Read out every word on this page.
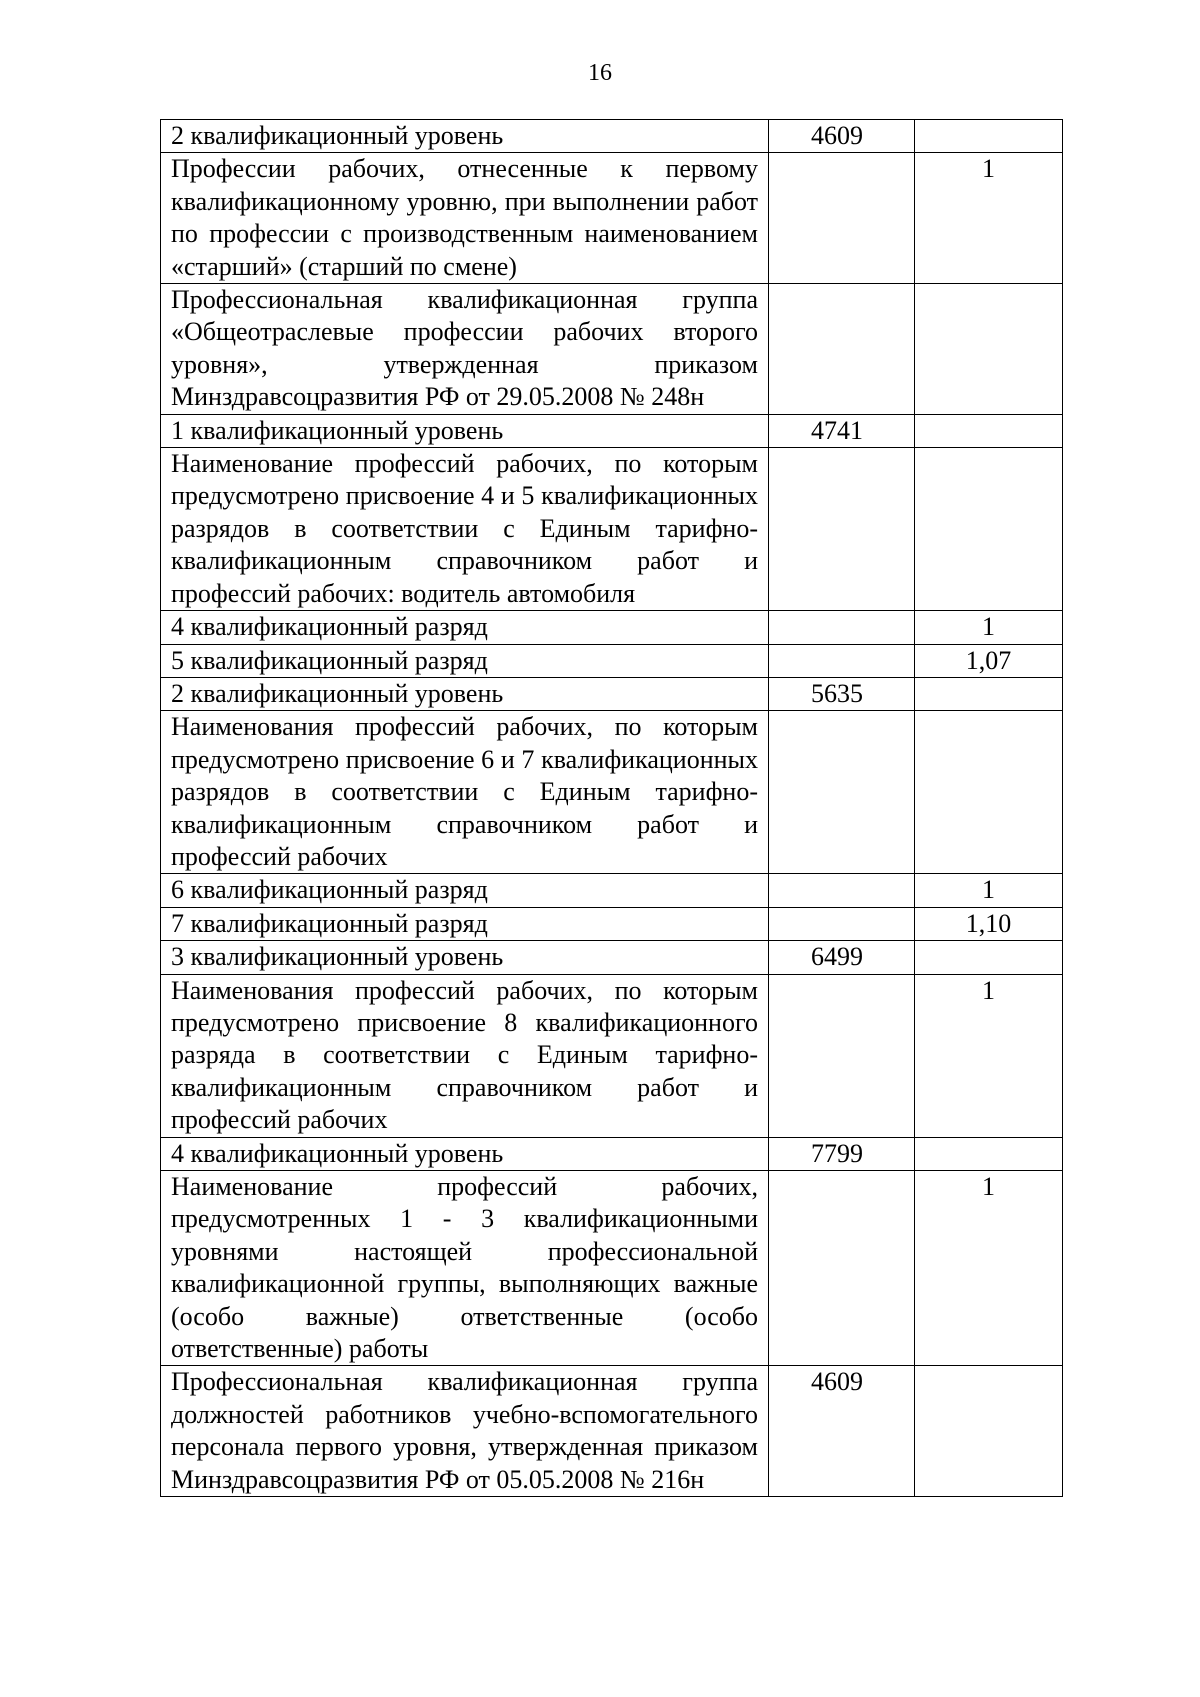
16
2 квалификационный уровень	4609	
Профессии рабочих, отнесенные к первому квалификационному уровню, при выполнении работ по профессии с производственным наименованием «старший» (старший по смене)		1
Профессиональная квалификационная группа «Общеотраслевые профессии рабочих второго уровня», утвержденная приказом Минздравсоцразвития РФ от 29.05.2008 № 248н		
1 квалификационный уровень	4741	
Наименование профессий рабочих, по которым предусмотрено присвоение 4 и 5 квалификационных разрядов в соответствии с Единым тарифно-квалификационным справочником работ и профессий рабочих: водитель автомобиля		
4 квалификационный разряд		1
5 квалификационный разряд		1,07
2 квалификационный уровень	5635	
Наименования профессий рабочих, по которым предусмотрено присвоение 6 и 7 квалификационных разрядов в соответствии с Единым тарифно-квалификационным справочником работ и профессий рабочих		
6 квалификационный разряд		1
7 квалификационный разряд		1,10
3 квалификационный уровень	6499	
Наименования профессий рабочих, по которым предусмотрено присвоение 8 квалификационного разряда в соответствии с Единым тарифно-квалификационным справочником работ и профессий рабочих		1
4 квалификационный уровень	7799	
Наименование профессий рабочих, предусмотренных 1 - 3 квалификационными уровнями настоящей профессиональной квалификационной группы, выполняющих важные (особо важные) ответственные (особо ответственные) работы		1
Профессиональная квалификационная группа должностей работников учебно-вспомогательного персонала первого уровня, утвержденная приказом Минздравсоцразвития РФ от 05.05.2008 № 216н	4609	
